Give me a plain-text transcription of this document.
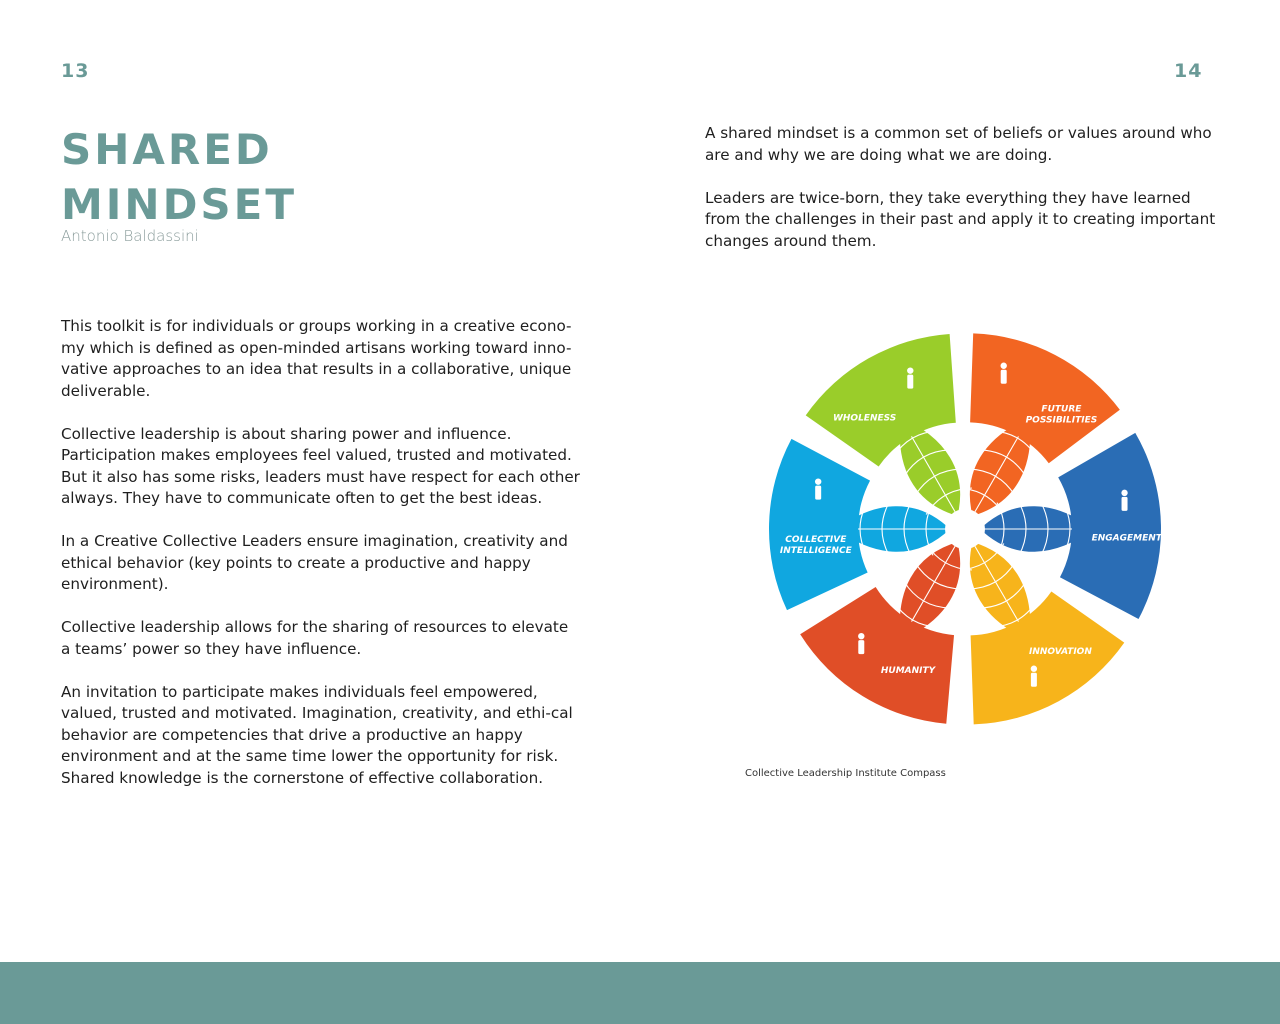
13	14
SHARED
MINDSET
Antonio Baldassini

This toolkit is for individuals or groups working in a creative econo-my which is defined as open-minded artisans working toward inno-vative approaches to an idea that results in a collaborative, unique deliverable.

Collective leadership is about sharing power and influence. Participation makes employees feel valued, trusted and motivated. But it also has some risks, leaders must have respect for each other always. They have to communicate often to get the best ideas.

In a Creative Collective Leaders ensure imagination, creativity and ethical behavior (key points to create a productive and happy environment).

Collective leadership allows for the sharing of resources to elevate a teams’ power so they have influence.

An invitation to participate makes individuals feel empowered, valued, trusted and motivated. Imagination, creativity, and ethi-cal behavior are competencies that drive a productive an happy environment and at the same time lower the opportunity for risk. Shared knowledge is the cornerstone of effective collaboration.

A shared mindset is a common set of beliefs or values around who are and why we are doing what we are doing.

Leaders are twice-born, they take everything they have learned from the challenges in their past and apply it to creating important changes around them.

FUTURE POSSIBILITIES
ENGAGEMENT
INNOVATION
HUMANITY
COLLECTIVE INTELLIGENCE
WHOLENESS
Collective Leadership Institute Compass
